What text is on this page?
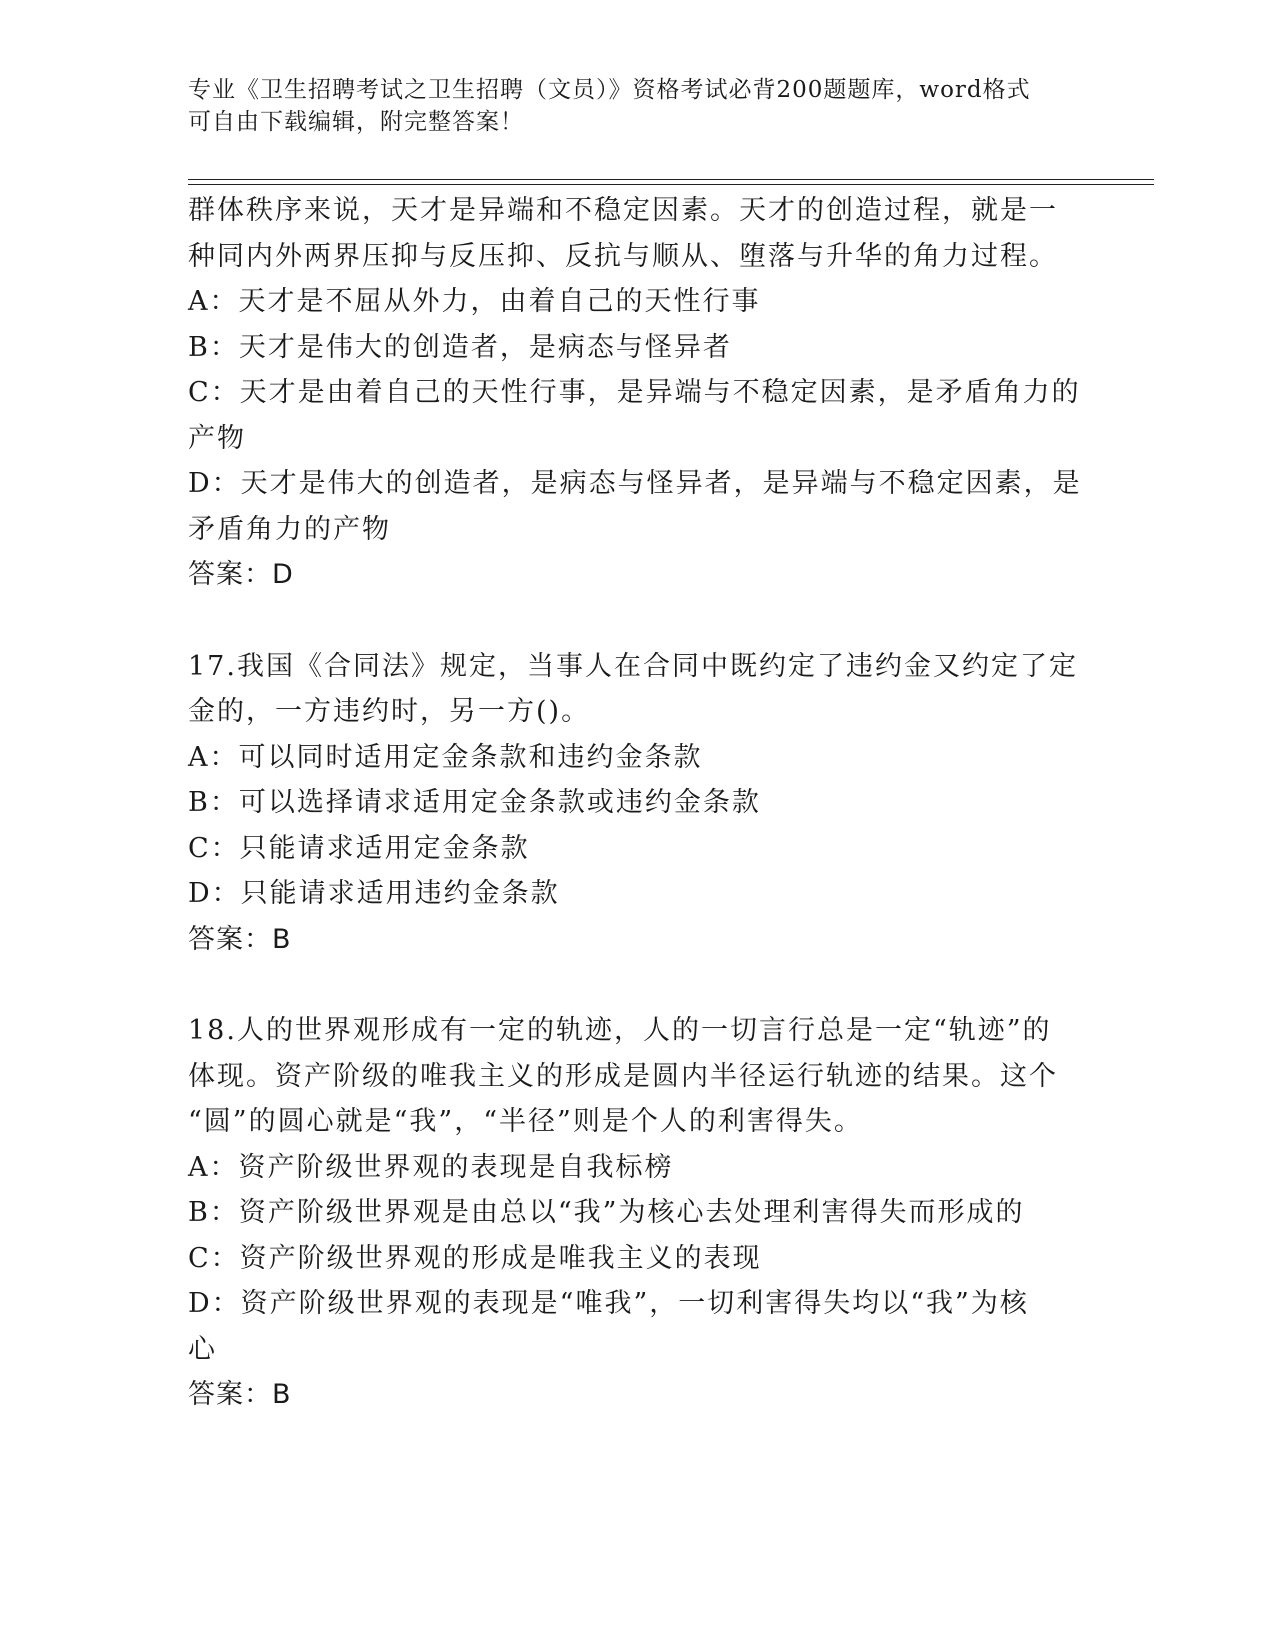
专业《卫生招聘考试之卫生招聘（文员）》资格考试必背200题题库，word格式
可自由下载编辑，附完整答案！
群体秩序来说，天才是异端和不稳定因素。天才的创造过程，就是一
种同内外两界压抑与反压抑、反抗与顺从、堕落与升华的角力过程。
A：天才是不屈从外力，由着自己的天性行事
B：天才是伟大的创造者，是病态与怪异者
C：天才是由着自己的天性行事，是异端与不稳定因素，是矛盾角力的
产物
D：天才是伟大的创造者，是病态与怪异者，是异端与不稳定因素，是
矛盾角力的产物
答案：D
17.我国《合同法》规定，当事人在合同中既约定了违约金又约定了定
金的，一方违约时，另一方()。
A：可以同时适用定金条款和违约金条款
B：可以选择请求适用定金条款或违约金条款
C：只能请求适用定金条款
D：只能请求适用违约金条款
答案：B
18.人的世界观形成有一定的轨迹，人的一切言行总是一定“轨迹”的
体现。资产阶级的唯我主义的形成是圆内半径运行轨迹的结果。这个
“圆”的圆心就是“我”，“半径”则是个人的利害得失。
A：资产阶级世界观的表现是自我标榜
B：资产阶级世界观是由总以“我”为核心去处理利害得失而形成的
C：资产阶级世界观的形成是唯我主义的表现
D：资产阶级世界观的表现是“唯我”，一切利害得失均以“我”为核
心
答案：B
